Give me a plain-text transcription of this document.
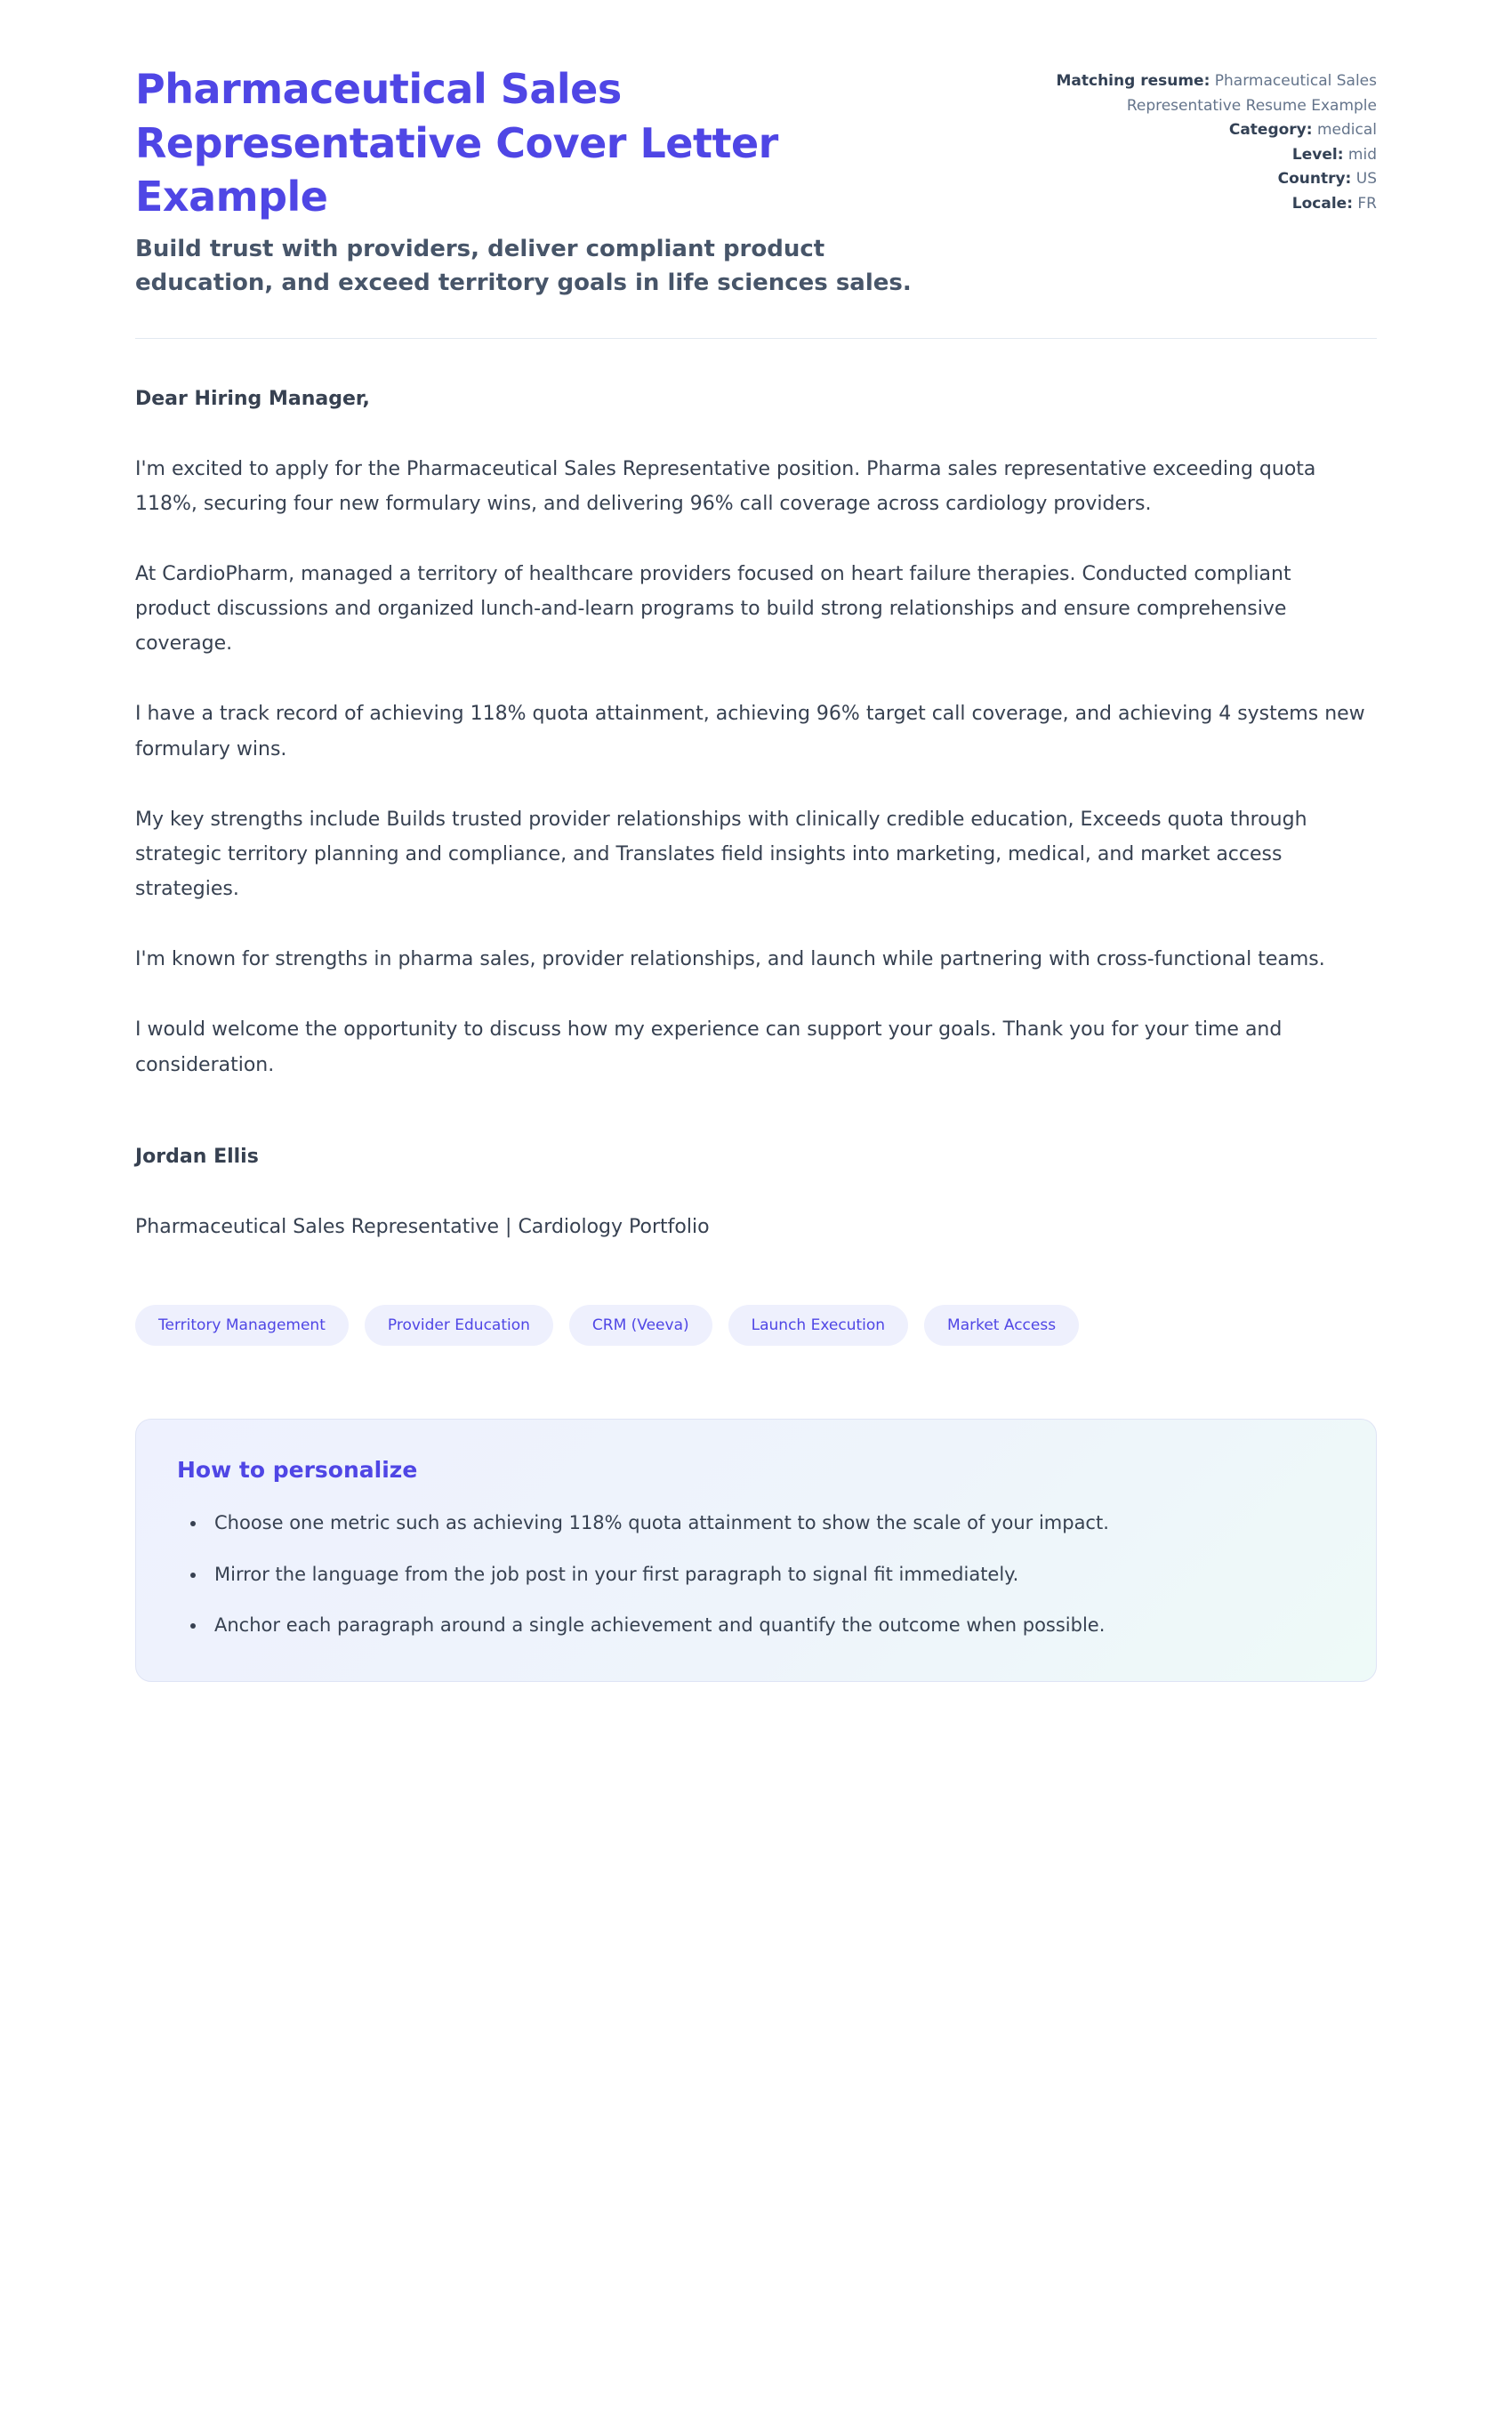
Pharmaceutical Sales Representative Cover Letter Example

Build trust with providers, deliver compliant product education, and exceed territory goals in life sciences sales.

Matching resume: Pharmaceutical Sales Representative Resume Example
Category: medical
Level: mid
Country: US
Locale: FR

Dear Hiring Manager,

I'm excited to apply for the Pharmaceutical Sales Representative position. Pharma sales representative exceeding quota 118%, securing four new formulary wins, and delivering 96% call coverage across cardiology providers.

At CardioPharm, managed a territory of healthcare providers focused on heart failure therapies. Conducted compliant product discussions and organized lunch-and-learn programs to build strong relationships and ensure comprehensive coverage.

I have a track record of achieving 118% quota attainment, achieving 96% target call coverage, and achieving 4 systems new formulary wins.

My key strengths include Builds trusted provider relationships with clinically credible education, Exceeds quota through strategic territory planning and compliance, and Translates field insights into marketing, medical, and market access strategies.

I'm known for strengths in pharma sales, provider relationships, and launch while partnering with cross-functional teams.

I would welcome the opportunity to discuss how my experience can support your goals. Thank you for your time and consideration.

Jordan Ellis

Pharmaceutical Sales Representative | Cardiology Portfolio

Territory Management	Provider Education	CRM (Veeva)	Launch Execution	Market Access
How to personalize
• Choose one metric such as achieving 118% quota attainment to show the scale of your impact.
• Mirror the language from the job post in your first paragraph to signal fit immediately.
• Anchor each paragraph around a single achievement and quantify the outcome when possible.
